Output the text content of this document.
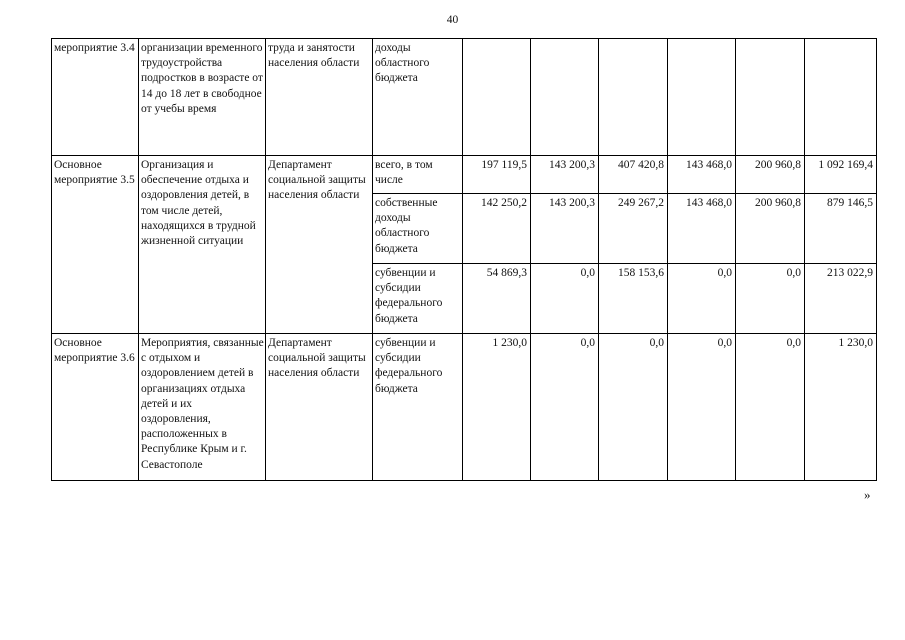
40
мероприятие 3.4	организации временного трудоустройства подростков в возрасте от 14 до 18 лет в свободное от учебы время	труда и занятости населения области	доходы областного бюджета						
Основное мероприятие 3.5	Организация и обеспечение отдыха и оздоровления детей, в том числе детей, находящихся в трудной жизненной ситуации	Департамент социальной защиты населения области	всего, в том числе	197 119,5	143 200,3	407 420,8	143 468,0	200 960,8	1 092 169,4
			собственные доходы областного бюджета	142 250,2	143 200,3	249 267,2	143 468,0	200 960,8	879 146,5
			субвенции и субсидии федерального бюджета	54 869,3	0,0	158 153,6	0,0	0,0	213 022,9
Основное мероприятие 3.6	Мероприятия, связанные с отдыхом и оздоровлением детей в организациях отдыха детей и их оздоровления, расположенных в Республике Крым и г. Севастополе	Департамент социальной защиты населения области	субвенции и субсидии федерального бюджета	1 230,0	0,0	0,0	0,0	0,0	1 230,0
»
